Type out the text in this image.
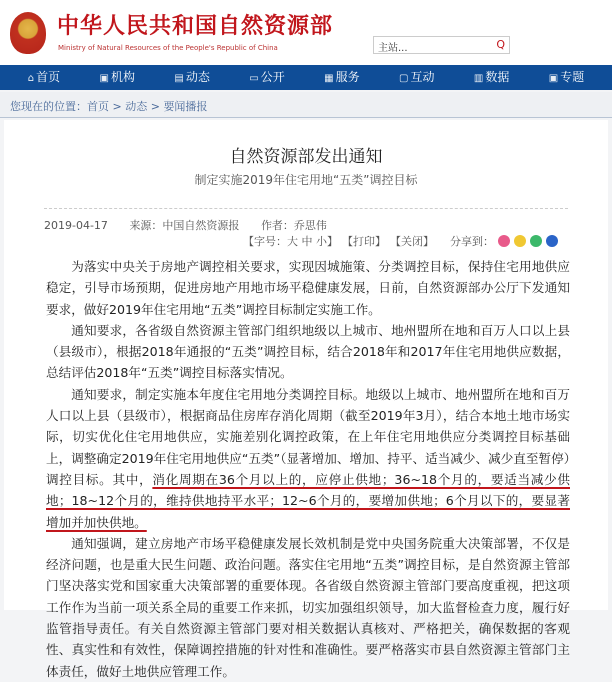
中华人民共和国自然资源部
Ministry of Natural Resources of the People's Republic of China	主站...	Q
⌂ 首页	▣ 机构	▤ 动态	▭ 公开	▦ 服务	▢ 互动	▥ 数据	▣ 专题
您现在的位置：首页 > 动态 > 要闻播报
自然资源部发出通知
制定实施2019年住宅用地“五类”调控目标
2019-04-17 来源：中国自然资源报 作者：乔思伟
【字号：大 中 小】 【打印】 【关闭】 分享到：

为落实中央关于房地产调控相关要求，实现因城施策、分类调控目标，保持住宅用地供应稳定，引导市场预期，促进房地产用地市场平稳健康发展，日前，自然资源部办公厅下发通知要求，做好2019年住宅用地“五类”调控目标制定实施工作。

通知要求，各省级自然资源主管部门组织地级以上城市、地州盟所在地和百万人口以上县（县级市），根据2018年通报的“五类”调控目标，结合2018年和2017年住宅用地供应数据，总结评估2018年“五类”调控目标落实情况。

通知要求，制定实施本年度住宅用地分类调控目标。地级以上城市、地州盟所在地和百万人口以上县（县级市），根据商品住房库存消化周期（截至2019年3月），结合本地土地市场实际，切实优化住宅用地供应，实施差别化调控政策，在上年住宅用地供应分类调控目标基础上，调整确定2019年住宅用地供应“五类”（显著增加、增加、持平、适当减少、减少直至暂停）调控目标。其中，消化周期在36个月以上的，应停止供地；36~18个月的，要适当减少供地；18~12个月的，维持供地持平水平；12~6个月的，要增加供地；6个月以下的，要显著增加并加快供地。

通知强调，建立房地产市场平稳健康发展长效机制是党中央国务院重大决策部署，不仅是经济问题，也是重大民生问题、政治问题。落实住宅用地“五类”调控目标，是自然资源主管部门坚决落实党和国家重大决策部署的重要体现。各省级自然资源主管部门要高度重视，把这项工作作为当前一项关系全局的重要工作来抓，切实加强组织领导，加大监督检查力度，履行好监管指导责任。有关自然资源主管部门要对相关数据认真核对、严格把关，确保数据的客观性、真实性和有效性，保障调控措施的针对性和准确性。要严格落实市县自然资源主管部门主体责任，做好土地供应管理工作。
